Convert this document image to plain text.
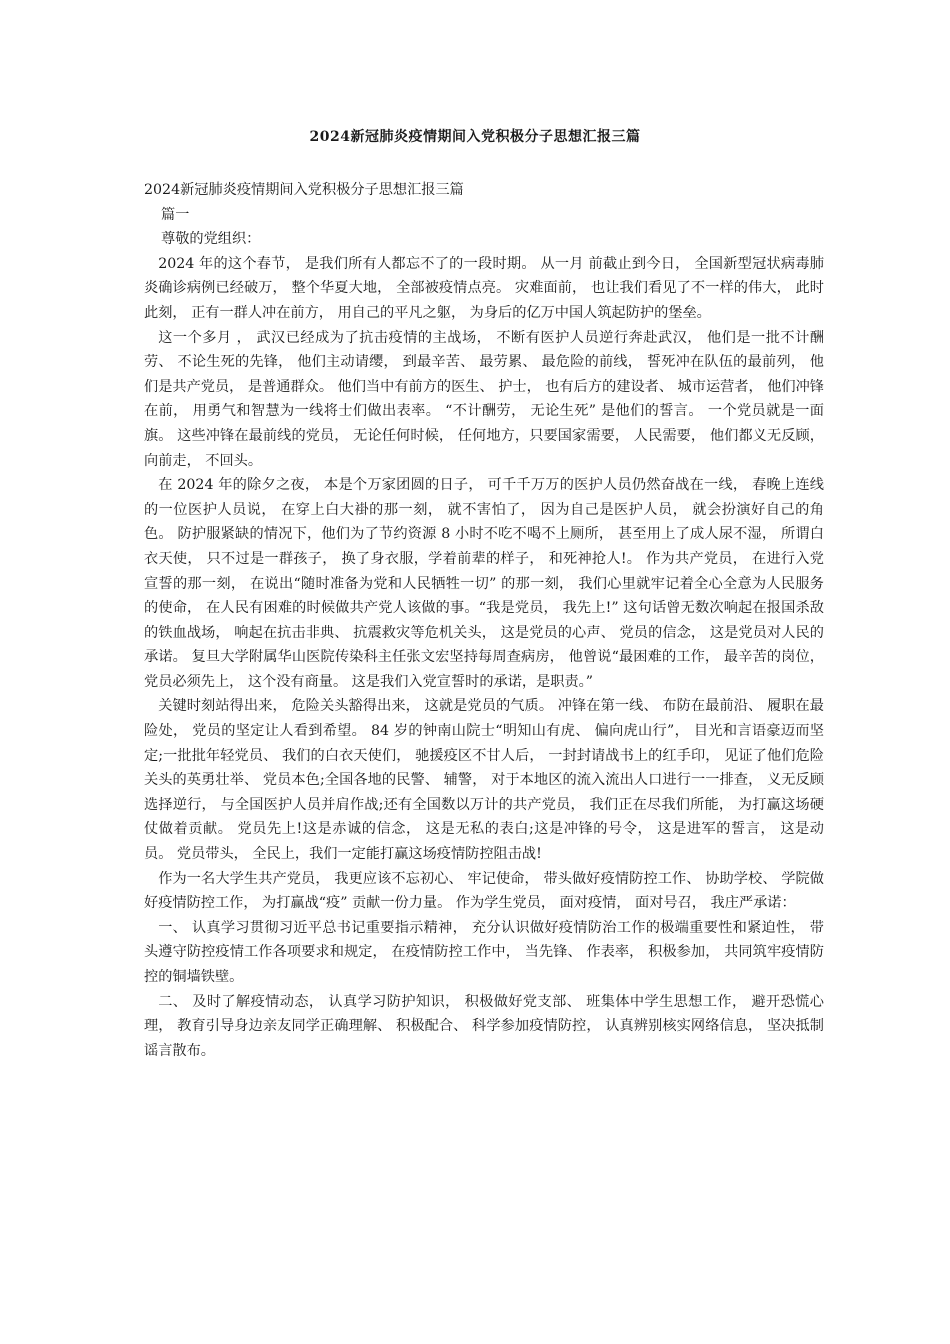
2024新冠肺炎疫情期间入党积极分子思想汇报三篇

2024新冠肺炎疫情期间入党积极分子思想汇报三篇

篇一

尊敬的党组织：

2024 年的这个春节， 是我们所有人都忘不了的一段时期。 从一月 前截止到今日， 全国新型冠状病毒肺炎确诊病例已经破万， 整个华夏大地， 全部被疫情点亮。 灾难面前， 也让我们看见了不一样的伟大， 此时此刻， 正有一群人冲在前方， 用自己的平凡之躯， 为身后的亿万中国人筑起防护的堡垒。

这一个多月 ， 武汉已经成为了抗击疫情的主战场， 不断有医护人员逆行奔赴武汉， 他们是一批不计酬劳、 不论生死的先锋， 他们主动请缨， 到最辛苦、 最劳累、 最危险的前线， 誓死冲在队伍的最前列， 他们是共产党员， 是普通群众。 他们当中有前方的医生、 护士， 也有后方的建设者、 城市运营者， 他们冲锋在前， 用勇气和智慧为一线将士们做出表率。 “不计酬劳， 无论生死” 是他们的誓言。 一个党员就是一面旗。 这些冲锋在最前线的党员， 无论任何时候， 任何地方，只要国家需要， 人民需要， 他们都义无反顾， 向前走， 不回头。

在 2024 年的除夕之夜， 本是个万家团圆的日子， 可千千万万的医护人员仍然奋战在一线， 春晚上连线的一位医护人员说， 在穿上白大褂的那一刻， 就不害怕了， 因为自己是医护人员， 就会扮演好自己的角色。 防护服紧缺的情况下，他们为了节约资源 8 小时不吃不喝不上厕所， 甚至用上了成人尿不湿， 所谓白衣天使， 只不过是一群孩子， 换了身衣服，学着前辈的样子， 和死神抢人!。 作为共产党员， 在进行入党宣誓的那一刻， 在说出“随时准备为党和人民牺牲一切” 的那一刻， 我们心里就牢记着全心全意为人民服务的使命， 在人民有困难的时候做共产党人该做的事。“我是党员， 我先上!” 这句话曾无数次响起在报国杀敌的铁血战场， 响起在抗击非典、 抗震救灾等危机关头， 这是党员的心声、 党员的信念， 这是党员对人民的承诺。 复旦大学附属华山医院传染科主任张文宏坚持每周查病房， 他曾说“最困难的工作， 最辛苦的岗位， 党员必须先上， 这个没有商量。 这是我们入党宣誓时的承诺，是职责。”

关键时刻站得出来， 危险关头豁得出来， 这就是党员的气质。 冲锋在第一线、 布防在最前沿、 履职在最险处， 党员的坚定让人看到希望。 84 岁的钟南山院士“明知山有虎、 偏向虎山行”， 目光和言语豪迈而坚定;一批批年轻党员、 我们的白衣天使们， 驰援疫区不甘人后， 一封封请战书上的红手印， 见证了他们危险关头的英勇壮举、 党员本色;全国各地的民警、 辅警， 对于本地区的流入流出人口进行一一排查， 义无反顾选择逆行， 与全国医护人员并肩作战;还有全国数以万计的共产党员， 我们正在尽我们所能， 为打赢这场硬仗做着贡献。 党员先上!这是赤诚的信念， 这是无私的表白;这是冲锋的号令， 这是进军的誓言， 这是动员。 党员带头， 全民上，我们一定能打赢这场疫情防控阻击战!

作为一名大学生共产党员， 我更应该不忘初心、 牢记使命， 带头做好疫情防控工作、 协助学校、 学院做好疫情防控工作， 为打赢战“疫” 贡献一份力量。 作为学生党员， 面对疫情， 面对号召， 我庄严承诺：

一、 认真学习贯彻习近平总书记重要指示精神， 充分认识做好疫情防治工作的极端重要性和紧迫性， 带头遵守防控疫情工作各项要求和规定， 在疫情防控工作中， 当先锋、 作表率， 积极参加， 共同筑牢疫情防控的铜墙铁壁。

二、 及时了解疫情动态， 认真学习防护知识， 积极做好党支部、 班集体中学生思想工作， 避开恐慌心理， 教育引导身边亲友同学正确理解、 积极配合、 科学参加疫情防控， 认真辨别核实网络信息， 坚决抵制谣言散布。
